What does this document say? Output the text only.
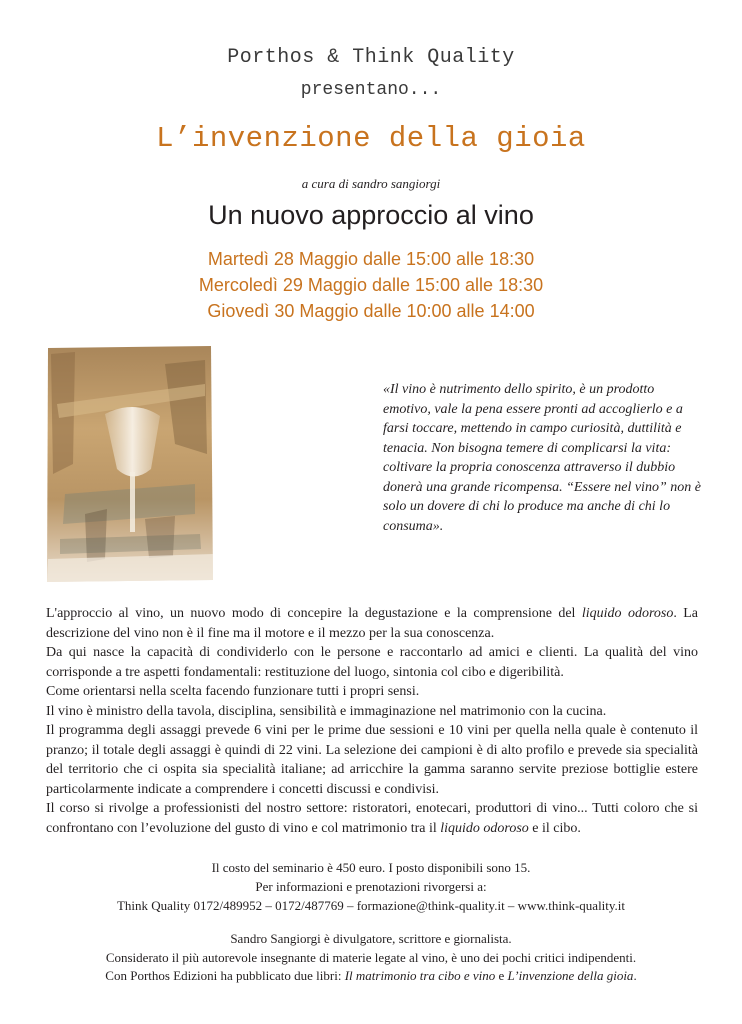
Porthos & Think Quality
presentano...
L’invenzione della gioia
a cura di sandro sangiorgi
Un nuovo approccio al vino
Martedì 28 Maggio dalle 15:00 alle 18:30
Mercoledì 29 Maggio dalle 15:00 alle 18:30
Giovedì 30 Maggio dalle 10:00 alle 14:00
«Il vino è nutrimento dello spirito, è un prodotto emotivo, vale la pena essere pronti ad accoglierlo e a farsi toccare, mettendo in campo curiosità, duttilità e tenacia. Non bisogna temere di complicarsi la vita: coltivare la propria conoscenza attraverso il dubbio donerà una grande ricompensa. “Essere nel vino” non è solo un dovere di chi lo produce ma anche di chi lo consuma».

L'approccio al vino, un nuovo modo di concepire la degustazione e la comprensione del liquido odoroso. La descrizione del vino non è il fine ma il motore e il mezzo per la sua conoscenza.

Da qui nasce la capacità di condividerlo con le persone e raccontarlo ad amici e clienti. La qualità del vino corrisponde a tre aspetti fondamentali: restituzione del luogo, sintonia col cibo e digeribilità.

Come orientarsi nella scelta facendo funzionare tutti i propri sensi.

Il vino è ministro della tavola, disciplina, sensibilità e immaginazione nel matrimonio con la cucina.

Il programma degli assaggi prevede 6 vini per le prime due sessioni e 10 vini per quella nella quale è contenuto il pranzo; il totale degli assaggi è quindi di 22 vini. La selezione dei campioni è di alto profilo e prevede sia specialità del territorio che ci ospita sia specialità italiane; ad arricchire la gamma saranno servite preziose bottiglie estere particolarmente indicate a comprendere i concetti discussi e condivisi.

Il corso si rivolge a professionisti del nostro settore: ristoratori, enotecari, produttori di vino... Tutti coloro che si confrontano con l’evoluzione del gusto di vino e col matrimonio tra il liquido odoroso e il cibo.

Il costo del seminario è 450 euro. I posto disponibili sono 15.

Per informazioni e prenotazioni rivorgersi a:

Think Quality 0172/489952 – 0172/487769 – formazione@think-quality.it – www.think-quality.it

Sandro Sangiorgi è divulgatore, scrittore e giornalista.

Considerato il più autorevole insegnante di materie legate al vino, è uno dei pochi critici indipendenti.

Con Porthos Edizioni ha pubblicato due libri: Il matrimonio tra cibo e vino e L’invenzione della gioia.
